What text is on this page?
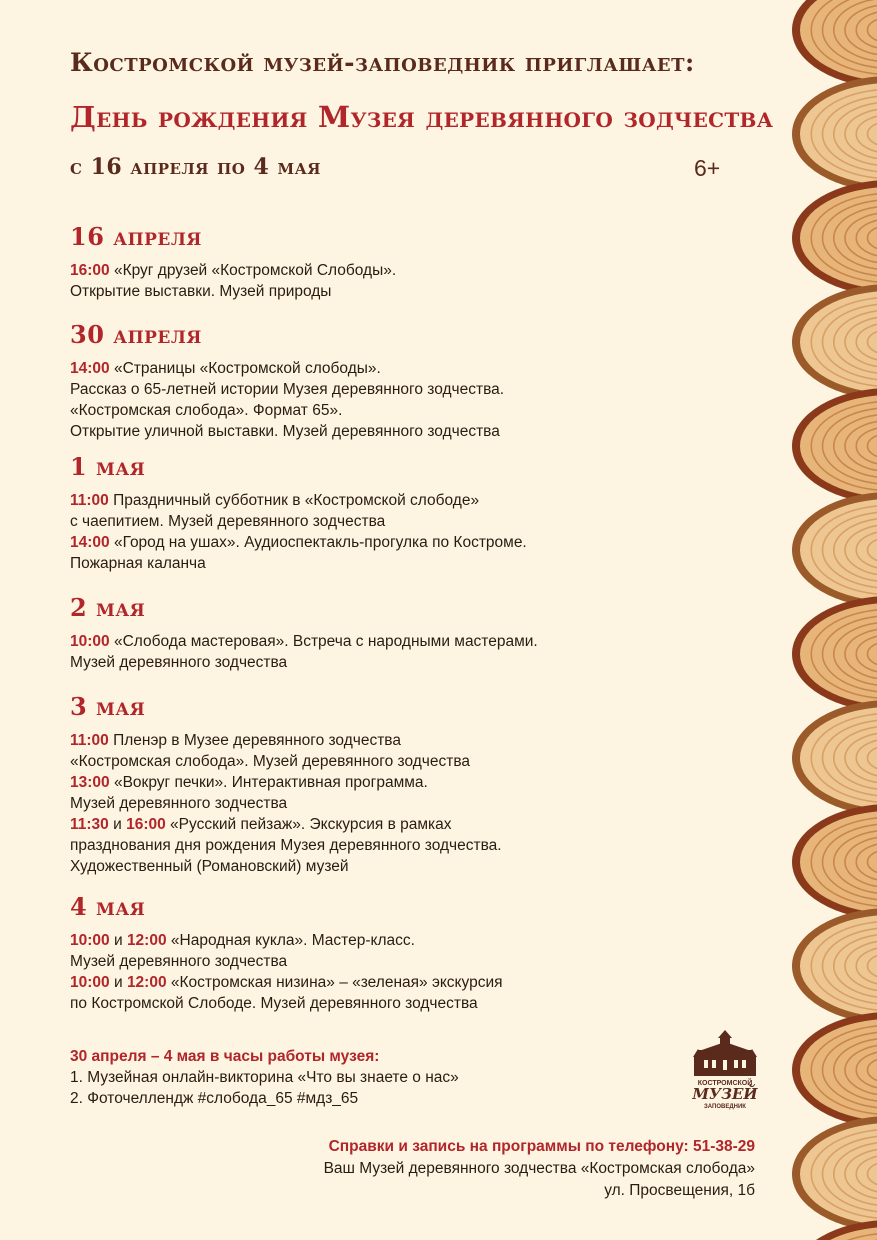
Костромской музей-заповедник приглашает:
День рождения Музея деревянного зодчества
с 16 апреля по 4 мая	6+
16 апреля

16:00 «Круг друзей «Костромской Слободы».
Открытие выставки. Музей природы

30 апреля

14:00 «Страницы «Костромской слободы».
Рассказ о 65-летней истории Музея деревянного зодчества.
«Костромская слобода». Формат 65».
Открытие уличной выставки. Музей деревянного зодчества

1 мая

11:00 Праздничный субботник в «Костромской слободе»
с чаепитием. Музей деревянного зодчества

14:00 «Город на ушах». Аудиоспектакль-прогулка по Костроме.
Пожарная каланча

2 мая

10:00 «Слобода мастеровая». Встреча с народными мастерами.
Музей деревянного зодчества

3 мая

11:00 Пленэр в Музее деревянного зодчества
«Костромская слобода». Музей деревянного зодчества

13:00 «Вокруг печки». Интерактивная программа.
Музей деревянного зодчества

11:30 и 16:00 «Русский пейзаж». Экскурсия в рамках
празднования дня рождения Музея деревянного зодчества.
Художественный (Романовский) музей

4 мая

10:00 и 12:00 «Народная кукла». Мастер-класс.
Музей деревянного зодчества

10:00 и 12:00 «Костромская низина» – «зеленая» экскурсия
по Костромской Слободе. Музей деревянного зодчества

30 апреля – 4 мая в часы работы музея:
1. Музейная онлайн-викторина «Что вы знаете о нас»
2. Фоточеллендж #слобода_65 #мдз_65
Справки и запись на программы по телефону: 51-38-29
Ваш Музей деревянного зодчества «Костромская слобода»
ул. Просвещения, 1б
КОСТРОМСКОЙ
МУЗЕЙ
ЗАПОВЕДНИК
